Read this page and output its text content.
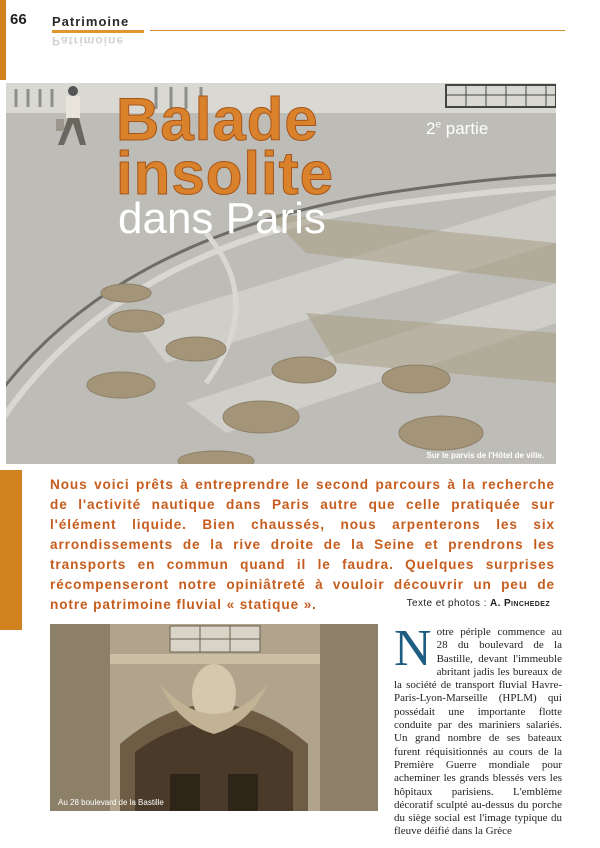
66 Patrimoine
Patrimoine
Balade
insolite
dans Paris
2e partie
Sur le parvis de l'Hôtel de ville.
Nous voici prêts à entreprendre le second parcours à la recherche de l'activité nautique dans Paris autre que celle pratiquée sur l'élément liquide. Bien chaussés, nous arpenterons les six arrondissements de la rive droite de la Seine et prendrons les transports en commun quand il le faudra. Quelques surprises récompenseront notre opiniâtreté à vouloir découvrir un peu de notre patrimoine fluvial « statique ».	Texte et photos : A. Pinchedez
Au 28 boulevard de la Bastille
Notre périple commence au 28 du boulevard de la Bastille, devant l'immeuble abritant jadis les bureaux de la société de transport fluvial Havre-Paris-Lyon-Marseille (HPLM) qui possédait une importante flotte conduite par des mariniers salariés. Un grand nombre de ses bateaux furent réquisitionnés au cours de la Première Guerre mondiale pour acheminer les grands blessés vers les hôpitaux parisiens. L'emblème décoratif sculpté au-dessus du porche du siège social est l'image typique du fleuve déifié dans la Grèce
